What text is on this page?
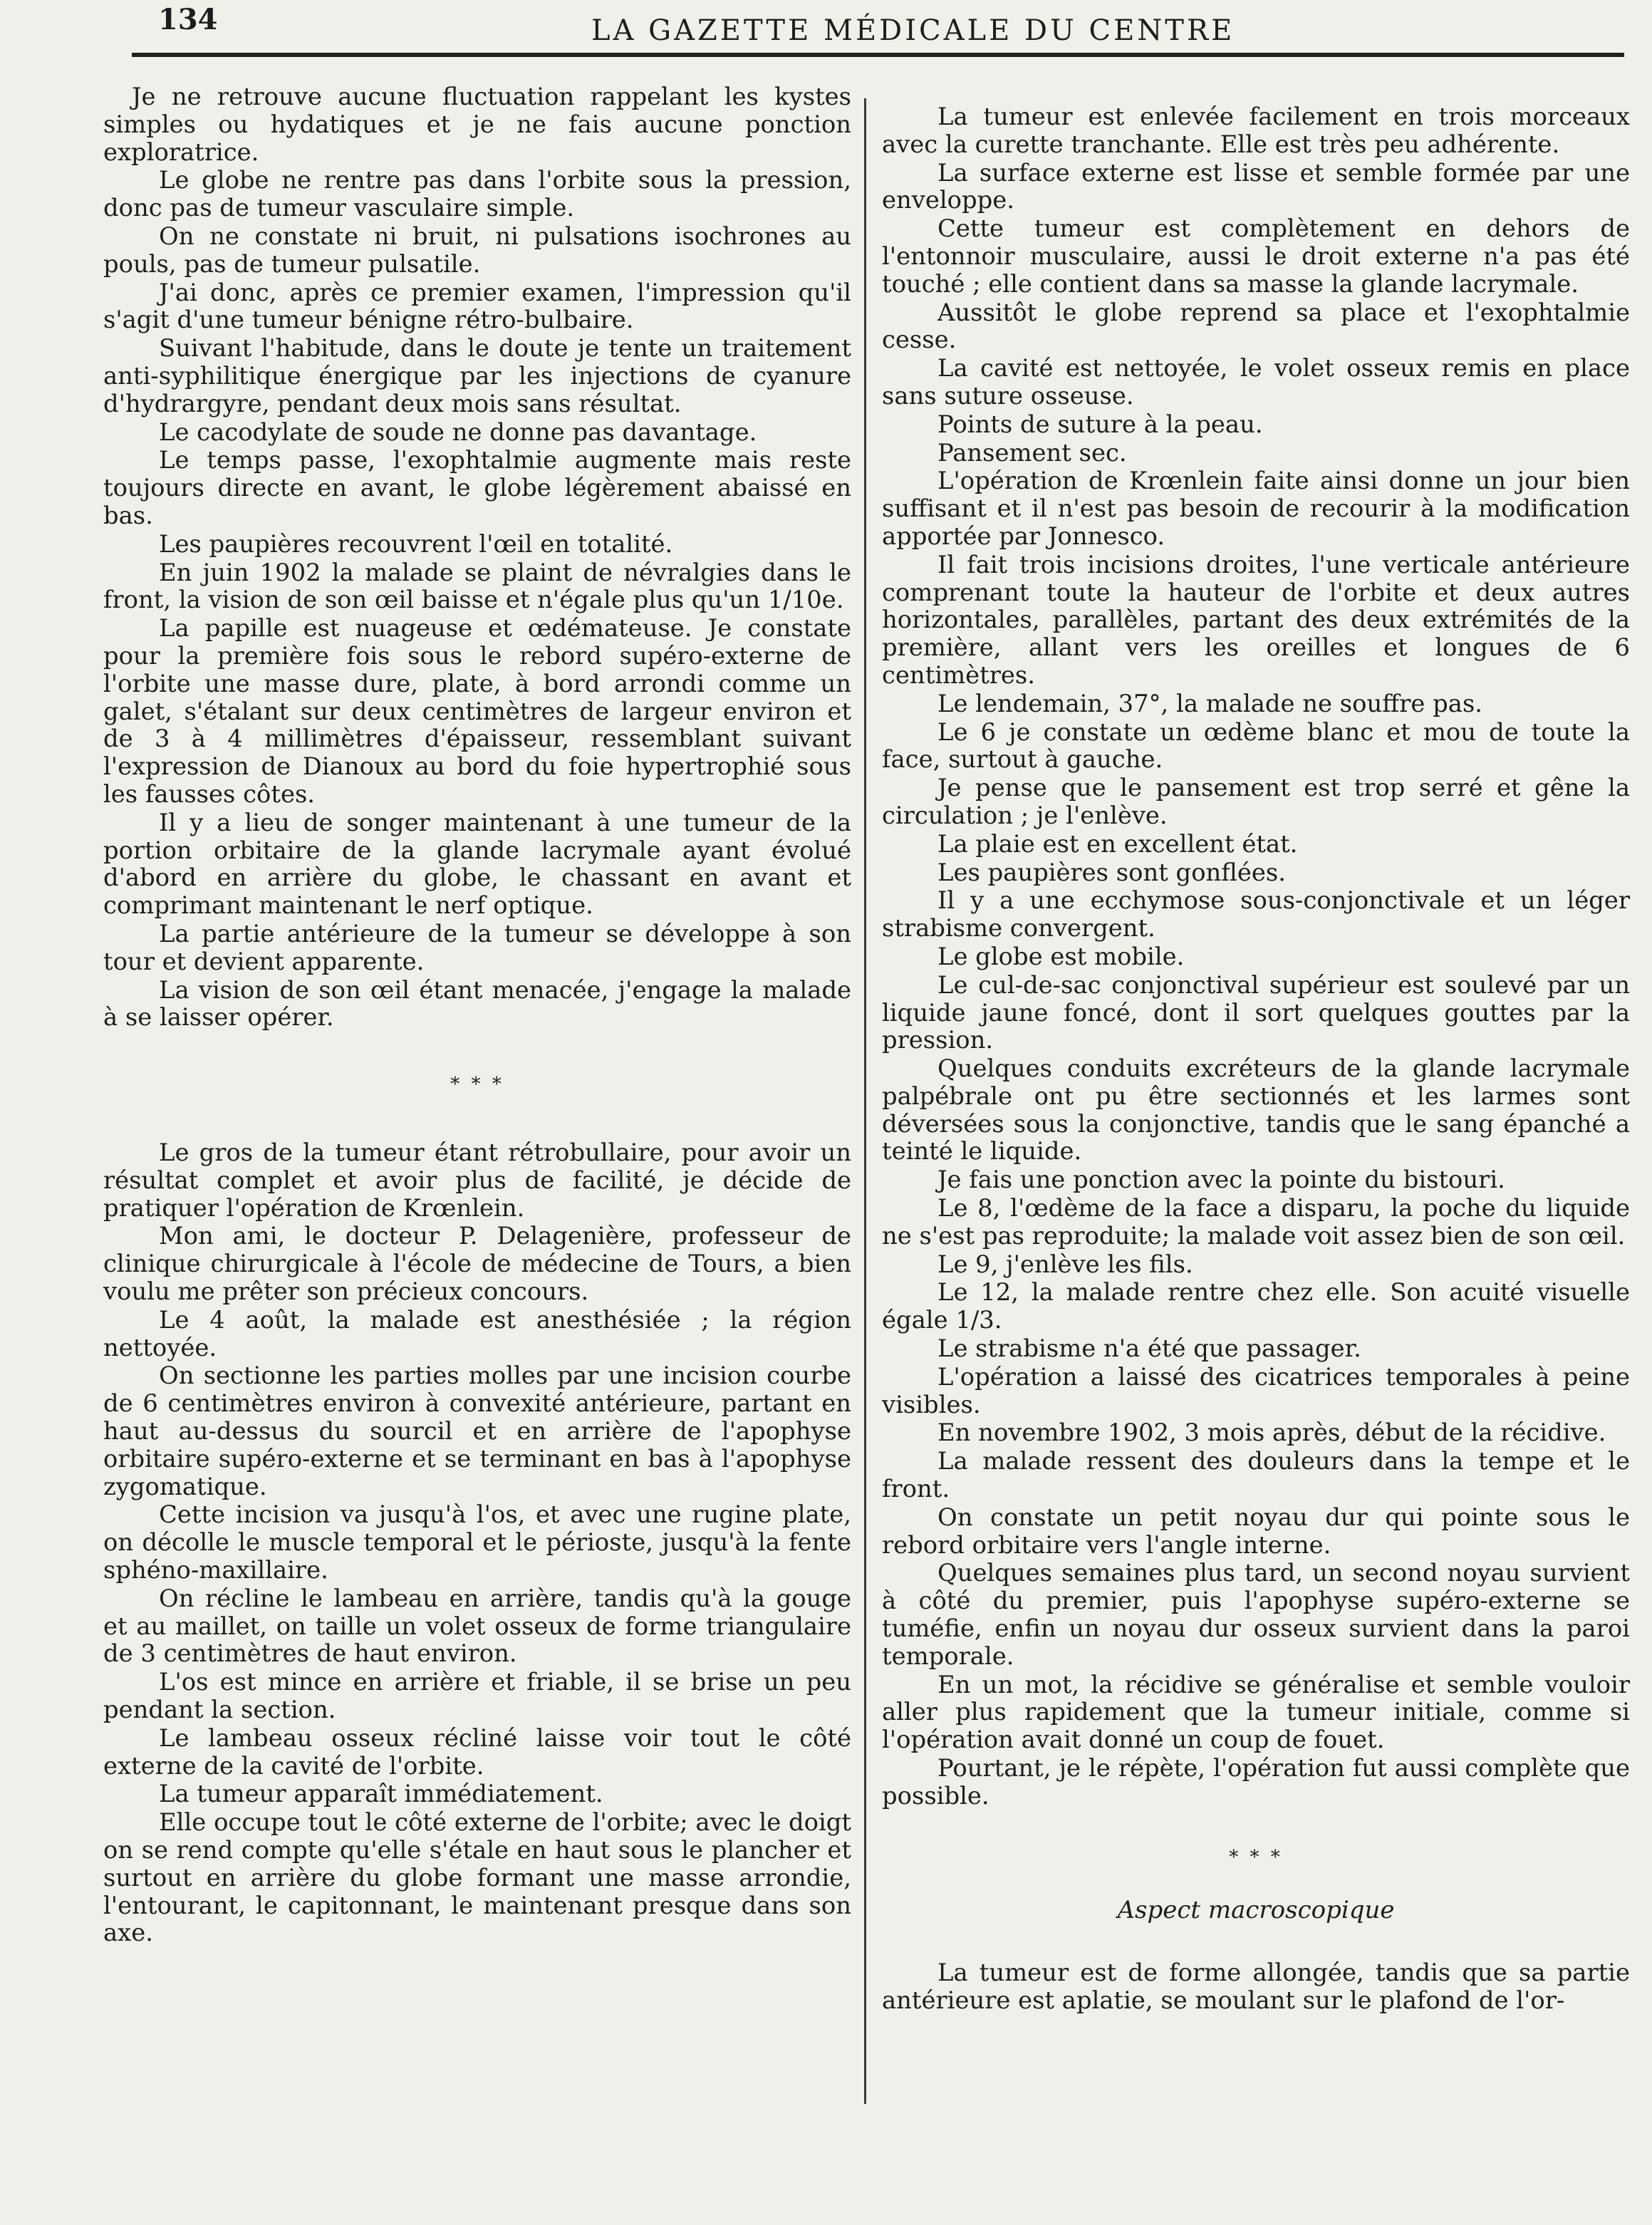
134	LA GAZETTE MÉDICALE DU CENTRE

Je ne retrouve aucune fluctuation rappelant les kystes simples ou hydatiques et je ne fais aucune ponction exploratrice.

Le globe ne rentre pas dans l'orbite sous la pression, donc pas de tumeur vasculaire simple.

On ne constate ni bruit, ni pulsations isochrones au pouls, pas de tumeur pulsatile.

J'ai donc, après ce premier examen, l'impression qu'il s'agit d'une tumeur bénigne rétro-bulbaire.

Suivant l'habitude, dans le doute je tente un traitement anti-syphilitique énergique par les injections de cyanure d'hydrargyre, pendant deux mois sans résultat.

Le cacodylate de soude ne donne pas davantage.

Le temps passe, l'exophtalmie augmente mais reste toujours directe en avant, le globe légèrement abaissé en bas.

Les paupières recouvrent l'œil en totalité.

En juin 1902 la malade se plaint de névralgies dans le front, la vision de son œil baisse et n'égale plus qu'un 1/10e.

La papille est nuageuse et œdémateuse. Je constate pour la première fois sous le rebord supéro-externe de l'orbite une masse dure, plate, à bord arrondi comme un galet, s'étalant sur deux centimètres de largeur environ et de 3 à 4 millimètres d'épaisseur, ressemblant suivant l'expression de Dianoux au bord du foie hypertrophié sous les fausses côtes.

Il y a lieu de songer maintenant à une tumeur de la portion orbitaire de la glande lacrymale ayant évolué d'abord en arrière du globe, le chassant en avant et comprimant maintenant le nerf optique.

La partie antérieure de la tumeur se développe à son tour et devient apparente.

La vision de son œil étant menacée, j'engage la malade à se laisser opérer.

* * *

Le gros de la tumeur étant rétrobullaire, pour avoir un résultat complet et avoir plus de facilité, je décide de pratiquer l'opération de Krœnlein.

Mon ami, le docteur P. Delagenière, professeur de clinique chirurgicale à l'école de médecine de Tours, a bien voulu me prêter son précieux concours.

Le 4 août, la malade est anesthésiée ; la région nettoyée.

On sectionne les parties molles par une incision courbe de 6 centimètres environ à convexité antérieure, partant en haut au-dessus du sourcil et en arrière de l'apophyse orbitaire supéro-externe et se terminant en bas à l'apophyse zygomatique.

Cette incision va jusqu'à l'os, et avec une rugine plate, on décolle le muscle temporal et le périoste, jusqu'à la fente sphéno-maxillaire.

On récline le lambeau en arrière, tandis qu'à la gouge et au maillet, on taille un volet osseux de forme triangulaire de 3 centimètres de haut environ.

L'os est mince en arrière et friable, il se brise un peu pendant la section.

Le lambeau osseux récliné laisse voir tout le côté externe de la cavité de l'orbite.

La tumeur apparaît immédiatement.

Elle occupe tout le côté externe de l'orbite; avec le doigt on se rend compte qu'elle s'étale en haut sous le plancher et surtout en arrière du globe formant une masse arrondie, l'entourant, le capitonnant, le maintenant presque dans son axe.

La tumeur est enlevée facilement en trois morceaux avec la curette tranchante. Elle est très peu adhérente.

La surface externe est lisse et semble formée par une enveloppe.

Cette tumeur est complètement en dehors de l'entonnoir musculaire, aussi le droit externe n'a pas été touché ; elle contient dans sa masse la glande lacrymale.

Aussitôt le globe reprend sa place et l'exophtalmie cesse.

La cavité est nettoyée, le volet osseux remis en place sans suture osseuse.

Points de suture à la peau.

Pansement sec.

L'opération de Krœnlein faite ainsi donne un jour bien suffisant et il n'est pas besoin de recourir à la modification apportée par Jonnesco.

Il fait trois incisions droites, l'une verticale antérieure comprenant toute la hauteur de l'orbite et deux autres horizontales, parallèles, partant des deux extrémités de la première, allant vers les oreilles et longues de 6 centimètres.

Le lendemain, 37°, la malade ne souffre pas.

Le 6 je constate un œdème blanc et mou de toute la face, surtout à gauche.

Je pense que le pansement est trop serré et gêne la circulation ; je l'enlève.

La plaie est en excellent état.

Les paupières sont gonflées.

Il y a une ecchymose sous-conjonctivale et un léger strabisme convergent.

Le globe est mobile.

Le cul-de-sac conjonctival supérieur est soulevé par un liquide jaune foncé, dont il sort quelques gouttes par la pression.

Quelques conduits excréteurs de la glande lacrymale palpébrale ont pu être sectionnés et les larmes sont déversées sous la conjonctive, tandis que le sang épanché a teinté le liquide.

Je fais une ponction avec la pointe du bistouri.

Le 8, l'œdème de la face a disparu, la poche du liquide ne s'est pas reproduite; la malade voit assez bien de son œil.

Le 9, j'enlève les fils.

Le 12, la malade rentre chez elle. Son acuité visuelle égale 1/3.

Le strabisme n'a été que passager.

L'opération a laissé des cicatrices temporales à peine visibles.

En novembre 1902, 3 mois après, début de la récidive.

La malade ressent des douleurs dans la tempe et le front.

On constate un petit noyau dur qui pointe sous le rebord orbitaire vers l'angle interne.

Quelques semaines plus tard, un second noyau survient à côté du premier, puis l'apophyse supéro-externe se tuméfie, enfin un noyau dur osseux survient dans la paroi temporale.

En un mot, la récidive se généralise et semble vouloir aller plus rapidement que la tumeur initiale, comme si l'opération avait donné un coup de fouet.

Pourtant, je le répète, l'opération fut aussi complète que possible.

* * *
Aspect macroscopique

La tumeur est de forme allongée, tandis que sa partie antérieure est aplatie, se moulant sur le plafond de l'or-
